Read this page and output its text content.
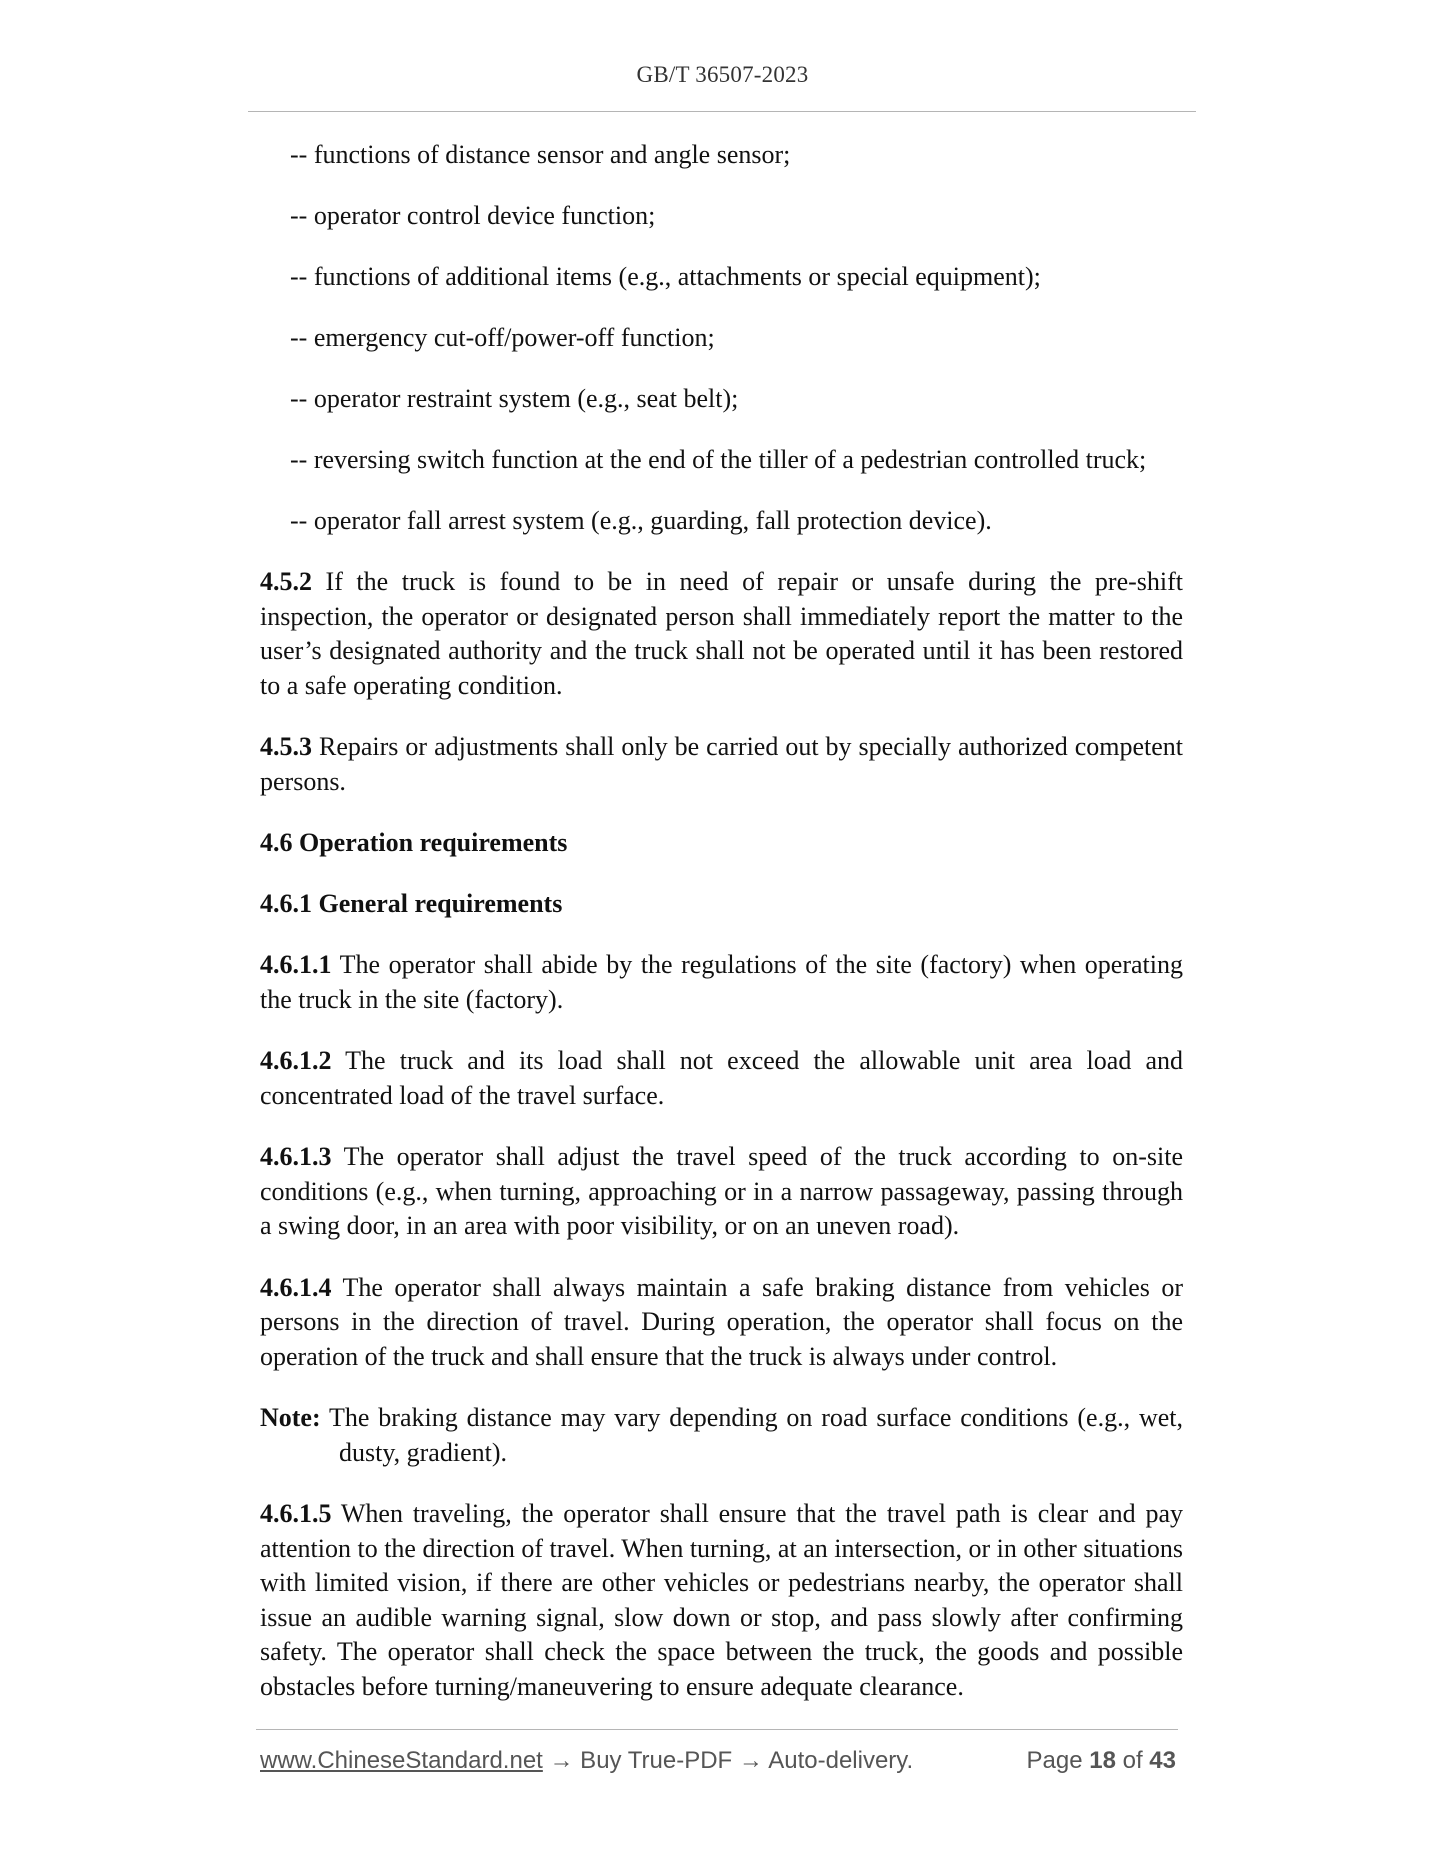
GB/T 36507-2023
-- functions of distance sensor and angle sensor;
-- operator control device function;
-- functions of additional items (e.g., attachments or special equipment);
-- emergency cut-off/power-off function;
-- operator restraint system (e.g., seat belt);
-- reversing switch function at the end of the tiller of a pedestrian controlled truck;
-- operator fall arrest system (e.g., guarding, fall protection device).

4.5.2 If the truck is found to be in need of repair or unsafe during the pre-shift inspection, the operator or designated person shall immediately report the matter to the user’s designated authority and the truck shall not be operated until it has been restored to a safe operating condition.

4.5.3 Repairs or adjustments shall only be carried out by specially authorized competent persons.

4.6 Operation requirements
4.6.1 General requirements

4.6.1.1 The operator shall abide by the regulations of the site (factory) when operating the truck in the site (factory).

4.6.1.2 The truck and its load shall not exceed the allowable unit area load and concentrated load of the travel surface.

4.6.1.3 The operator shall adjust the travel speed of the truck according to on-site conditions (e.g., when turning, approaching or in a narrow passageway, passing through a swing door, in an area with poor visibility, or on an uneven road).

4.6.1.4 The operator shall always maintain a safe braking distance from vehicles or persons in the direction of travel. During operation, the operator shall focus on the operation of the truck and shall ensure that the truck is always under control.

Note: The braking distance may vary depending on road surface conditions (e.g., wet, dusty, gradient).

4.6.1.5 When traveling, the operator shall ensure that the travel path is clear and pay attention to the direction of travel. When turning, at an intersection, or in other situations with limited vision, if there are other vehicles or pedestrians nearby, the operator shall issue an audible warning signal, slow down or stop, and pass slowly after confirming safety. The operator shall check the space between the truck, the goods and possible obstacles before turning/maneuvering to ensure adequate clearance.

www.ChineseStandard.net → Buy True-PDF → Auto-delivery.	Page 18 of 43
